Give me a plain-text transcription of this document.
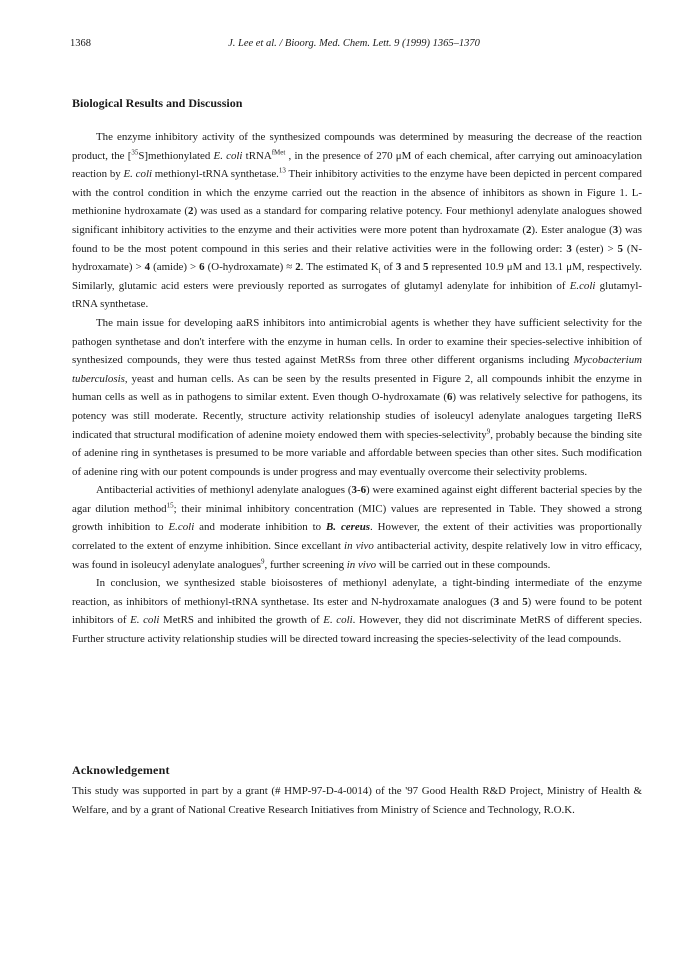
1368	J. Lee et al. / Bioorg. Med. Chem. Lett. 9 (1999) 1365–1370
Biological Results and Discussion

The enzyme inhibitory activity of the synthesized compounds was determined by measuring the decrease of the reaction product, the [$^{35}$S]methionylated E. coli tRNA$^{fMet}$ , in the presence of 270 μM of each chemical, after carrying out aminoacylation reaction by E. coli methionyl-tRNA synthetase.$^{13}$ Their inhibitory activities to the enzyme have been depicted in percent compared with the control condition in which the enzyme carried out the reaction in the absence of inhibitors as shown in Figure 1. L-methionine hydroxamate (2) was used as a standard for comparing relative potency. Four methionyl adenylate analogues showed significant inhibitory activities to the enzyme and their activities were more potent than hydroxamate (2). Ester analogue (3) was found to be the most potent compound in this series and their relative activities were in the following order: 3 (ester) > 5 (N-hydroxamate) > 4 (amide) > 6 (O-hydroxamate) ≈ 2. The estimated $K_i$ of 3 and 5 represented 10.9 μM and 13.1 μM, respectively. Similarly, glutamic acid esters were previously reported as surrogates of glutamyl adenylate for inhibition of E.coli glutamyl-tRNA synthetase.

The main issue for developing aaRS inhibitors into antimicrobial agents is whether they have sufficient selectivity for the pathogen synthetase and don't interfere with the enzyme in human cells. In order to examine their species-selective inhibition of synthesized compounds, they were thus tested against MetRSs from three other different organisms including Mycobacterium tuberculosis, yeast and human cells. As can be seen by the results presented in Figure 2, all compounds inhibit the enzyme in human cells as well as in pathogens to similar extent. Even though O-hydroxamate (6) was relatively selective for pathogens, its potency was still moderate. Recently, structure activity relationship studies of isoleucyl adenylate analogues targeting IleRS indicated that structural modification of adenine moiety endowed them with species-selectivity$^9$, probably because the binding site of adenine ring in synthetases is presumed to be more variable and affordable between species than other sites. Such modification of adenine ring with our potent compounds is under progress and may eventually overcome their selectivity problems.

Antibacterial activities of methionyl adenylate analogues (3-6) were examined against eight different bacterial species by the agar dilution method$^{15}$; their minimal inhibitory concentration (MIC) values are represented in Table. They showed a strong growth inhibition to E.coli and moderate inhibition to B. cereus. However, the extent of their activities was proportionally correlated to the extent of enzyme inhibition. Since excellant in vivo antibacterial activity, despite relatively low in vitro efficacy, was found in isoleucyl adenylate analogues$^9$, further screening in vivo will be carried out in these compounds.

In conclusion, we synthesized stable bioisosteres of methionyl adenylate, a tight-binding intermediate of the enzyme reaction, as inhibitors of methionyl-tRNA synthetase. Its ester and N-hydroxamate analogues (3 and 5) were found to be potent inhibitors of E. coli MetRS and inhibited the growth of E. coli. However, they did not discriminate MetRS of different species. Further structure activity relationship studies will be directed toward increasing the species-selectivity of the lead compounds.

Acknowledgement

This study was supported in part by a grant (# HMP-97-D-4-0014) of the '97 Good Health R&D Project, Ministry of Health & Welfare, and by a grant of National Creative Research Initiatives from Ministry of Science and Technology, R.O.K.
